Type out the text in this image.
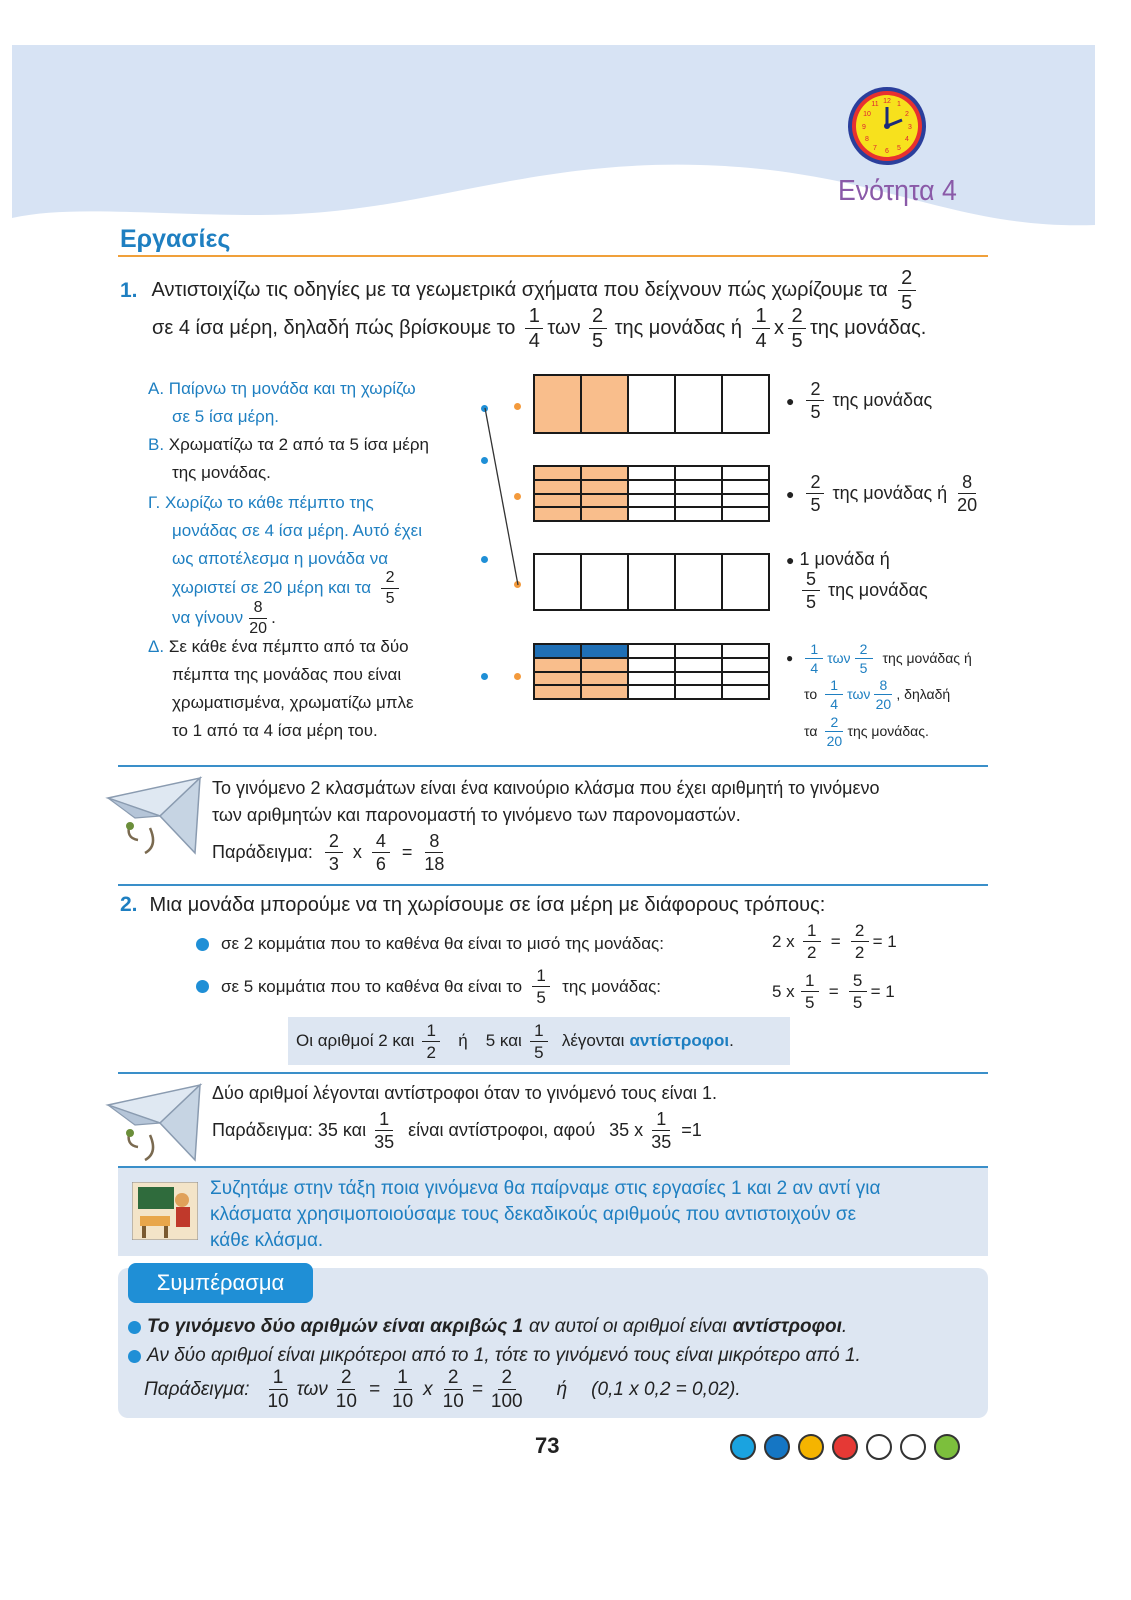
12 1
2
3
4
5
6
7
8
9
10
11
Ενότητα 4
Εργασίες
1. Αντιστοιχίζω τις οδηγίες με τα γεωμετρικά σχήματα που δείχνουν πώς χωρίζουμε τα $\frac{2}{5}$
σε 4 ίσα μέρη, δηλαδή πώς βρίσκουμε το $\frac{1}{4}$ των $\frac{2}{5}$ της μονάδας ή $\frac{1}{4}$ x $\frac{2}{5}$ της μονάδας.
Α. Παίρνω τη μονάδα και τη χωρίζω
σε 5 ίσα μέρη.
Β. Χρωματίζω τα 2 από τα 5 ίσα μέρη
της μονάδας.
Γ. Χωρίζω το κάθε πέμπτο της
μονάδας σε 4 ίσα μέρη. Αυτό έχει
ως αποτέλεσμα η μονάδα να
χωριστεί σε 20 μέρη και τα $\frac{2}{5}$
να γίνουν $\frac{8}{20}$ .
Δ. Σε κάθε ένα πέμπτο από τα δύο
πέμπτα της μονάδας που είναι
χρωματισμένα, χρωματίζω μπλε
το 1 από τα 4 ίσα μέρη του.

● $\frac{2}{5}$ της μονάδας
● $\frac{2}{5}$ της μονάδας ή $\frac{8}{20}$
● 1 μονάδα ή
$\frac{5}{5}$ της μονάδας
● $\frac{1}{4}$ των $\frac{2}{5}$ της μονάδας ή
το $\frac{1}{4}$ των $\frac{8}{20}$ , δηλαδή
τα $\frac{2}{20}$ της μονάδας.
Το γινόμενο 2 κλασμάτων είναι ένα καινούριο κλάσμα που έχει αριθμητή το γινόμενο
των αριθμητών και παρονομαστή το γινόμενο των παρονομαστών.
Παράδειγμα: $\frac{2}{3}$ x $\frac{4}{6} = \frac{8}{18}$
2. Μια μονάδα μπορούμε να τη χωρίσουμε σε ίσα μέρη με διάφορους τρόπους:
σε 2 κομμάτια που το καθένα θα είναι το μισό της μονάδας:	2 x $\frac{1}{2} = \frac{2}{2} = 1$
σε 5 κομμάτια που το καθένα θα είναι το $\frac{1}{5}$ της μονάδας:	5 x $\frac{1}{5} = \frac{5}{5} = 1$
Οι αριθμοί 2 και $\frac{1}{2}$ ή 5 και $\frac{1}{5}$ λέγονται αντίστροφοι .
Δύο αριθμοί λέγονται αντίστροφοι όταν το γινόμενό τους είναι 1.
Παράδειγμα: 35 και $\frac{1}{35}$ είναι αντίστροφοι, αφού 35 x $\frac{1}{35} =1$
Συζητάμε στην τάξη ποια γινόμενα θα παίρναμε στις εργασίες 1 και 2 αν αντί για
κλάσματα χρησιμοποιούσαμε τους δεκαδικούς αριθμούς που αντιστοιχούν σε
κάθε κλάσμα.
Συμπέρασμα
Το γινόμενο δύο αριθμών είναι ακριβώς 1 αν αυτοί οι αριθμοί είναι αντίστροφοι .
Αν δύο αριθμοί είναι μικρότεροι από το 1, τότε το γινόμενό τους είναι μικρότερο από 1.
Παράδειγμα: $\frac{1}{10}$ των $\frac{2}{10} = \frac{1}{10}$ x $\frac{2}{10} = \frac{2}{100}$ ή (0,1 x 0,2 = 0,02).
73
